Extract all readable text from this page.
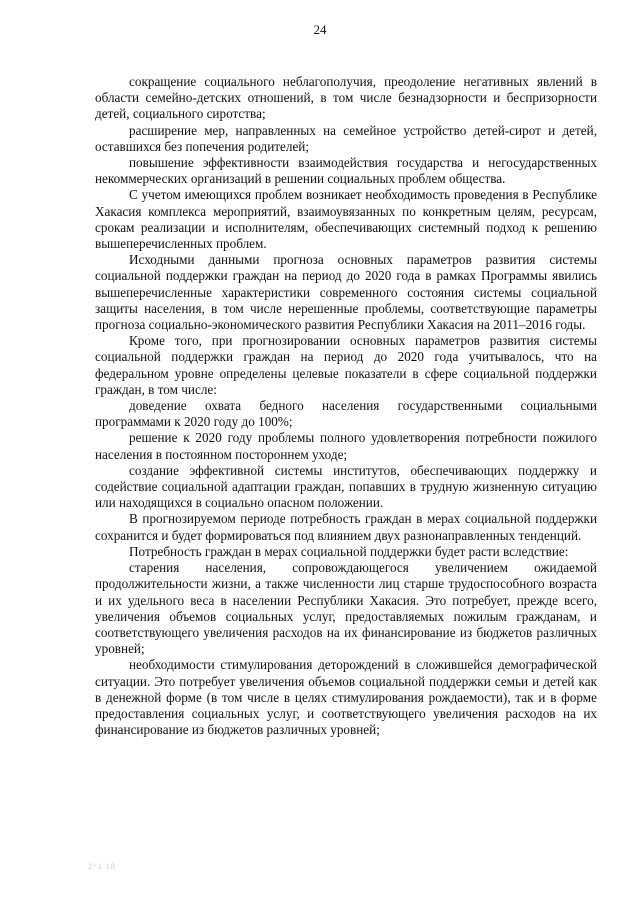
24

сокращение социального неблагополучия, преодоление негативных явлений в области семейно-детских отношений, в том числе безнадзорности и беспризорности детей, социального сиротства;

расширение мер, направленных на семейное устройство детей-сирот и детей, оставшихся без попечения родителей;

повышение эффективности взаимодействия государства и негосударственных некоммерческих организаций в решении социальных проблем общества.

С учетом имеющихся проблем возникает необходимость проведения в Республике Хакасия комплекса мероприятий, взаимоувязанных по конкретным целям, ресурсам, срокам реализации и исполнителям, обеспечивающих системный подход к решению вышеперечисленных проблем.

Исходными данными прогноза основных параметров развития системы социальной поддержки граждан на период до 2020 года в рамках Программы явились вышеперечисленные характеристики современного состояния системы социальной защиты населения, в том числе нерешенные проблемы, соответствующие параметры прогноза социально-экономического развития Республики Хакасия на 2011–2016 годы.

Кроме того, при прогнозировании основных параметров развития системы социальной поддержки граждан на период до 2020 года учитывалось, что на федеральном уровне определены целевые показатели в сфере социальной поддержки граждан, в том числе:

доведение охвата бедного населения государственными социальными программами к 2020 году до 100%;

решение к 2020 году проблемы полного удовлетворения потребности пожилого населения в постоянном постороннем уходе;

создание эффективной системы институтов, обеспечивающих поддержку и содействие социальной адаптации граждан, попавших в трудную жизненную ситуацию или находящихся в социально опасном положении.

В прогнозируемом периоде потребность граждан в мерах социальной поддержки сохранится и будет формироваться под влиянием двух разнонаправленных тенденций.

Потребность граждан в мерах социальной поддержки будет расти вследствие:

старения населения, сопровождающегося увеличением ожидаемой продолжительности жизни, а также численности лиц старше трудоспособного возраста и их удельного веса в населении Республики Хакасия. Это потребует, прежде всего, увеличения объемов социальных услуг, предоставляемых пожилым гражданам, и соответствующего увеличения расходов на их финансирование из бюджетов различных уровней;

необходимости стимулирования деторождений в сложившейся демографической ситуации. Это потребует увеличения объемов социальной поддержки семьи и детей как в денежной форме (в том числе в целях стимулирования рождаемости), так и в форме предоставления социальных услуг, и соответствующего увеличения расходов на их финансирование из бюджетов различных уровней;

2^1 18
